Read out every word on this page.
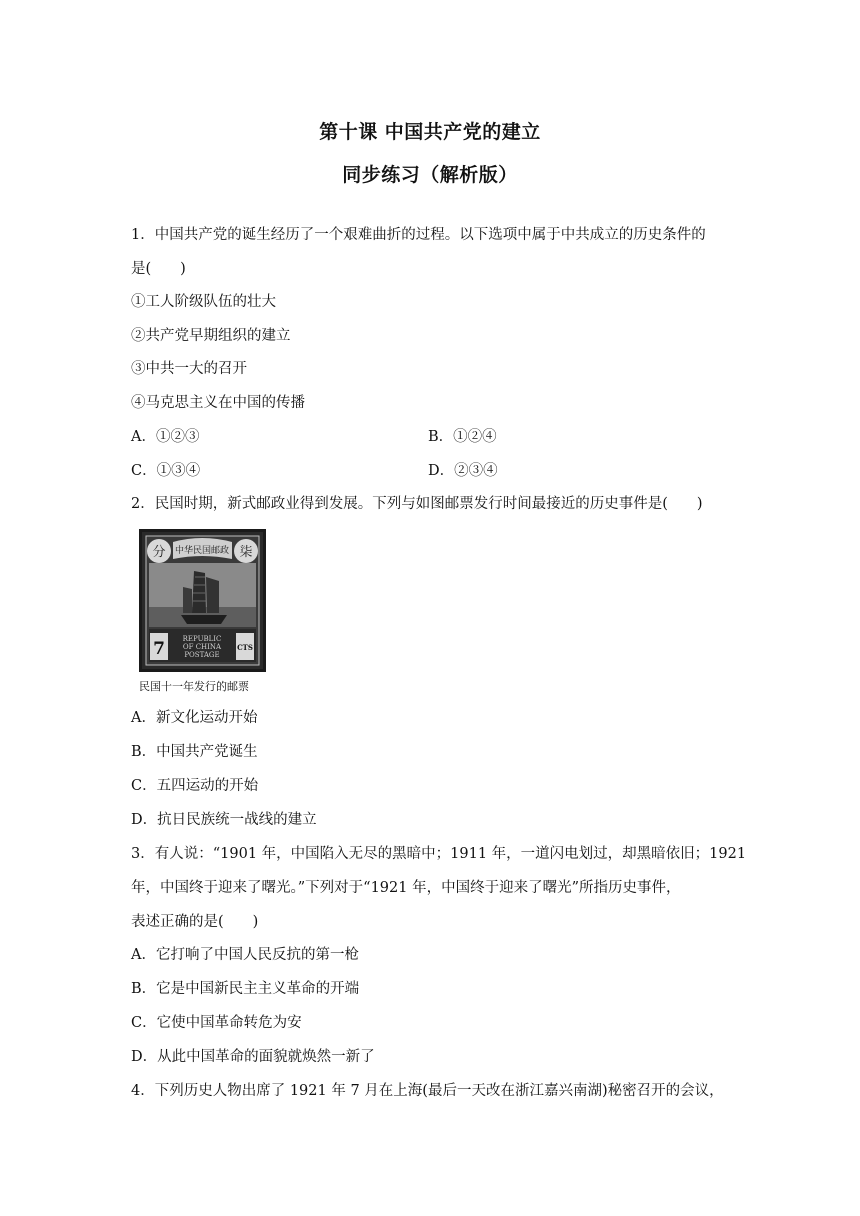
第十课 中国共产党的建立
同步练习（解析版）
1．中国共产党的诞生经历了一个艰难曲折的过程。以下选项中属于中共成立的历史条件的
是(　　)
①工人阶级队伍的壮大
②共产党早期组织的建立
③中共一大的召开
④马克思主义在中国的传播
A．①②③	B．①②④
C．①③④	D．②③④
2．民国时期，新式邮政业得到发展。下列与如图邮票发行时间最接近的历史事件是(　　)
分	柒
中华民国邮政
7	CTS
REPUBLIC
OF CHINA
POSTAGE
民国十一年发行的邮票
A．新文化运动开始
B．中国共产党诞生
C．五四运动的开始
D．抗日民族统一战线的建立
3．有人说：“1901 年，中国陷入无尽的黑暗中；1911 年，一道闪电划过，却黑暗依旧；1921
年，中国终于迎来了曙光。”下列对于“1921 年，中国终于迎来了曙光”所指历史事件，
表述正确的是(　　)
A．它打响了中国人民反抗的第一枪
B．它是中国新民主主义革命的开端
C．它使中国革命转危为安
D．从此中国革命的面貌就焕然一新了
4．下列历史人物出席了 1921 年 7 月在上海(最后一天改在浙江嘉兴南湖)秘密召开的会议，
